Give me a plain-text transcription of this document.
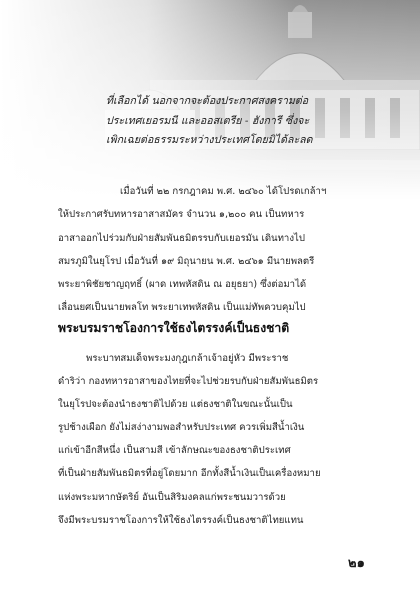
ที่เลือกได้ นอกจากจะต้องประกาศสงครามต่อ
ประเทศเยอรมนี และออสเตรีย - ฮังการี ซึ่งจะ
เพิกเฉยต่อธรรมระหว่างประเทศโดยมิได้ละลด
เมื่อวันที่ ๒๒ กรกฎาคม พ.ศ. ๒๔๖๐ ได้โปรดเกล้าฯ
ให้ประกาศรับทหารอาสาสมัคร จำนวน ๑,๒๐๐ คน เป็นทหาร
อาสาออกไปร่วมกับฝ่ายสัมพันธมิตรรบกับเยอรมัน เดินทางไป
สมรภูมิในยุโรป เมื่อวันที่ ๑๙ มิถุนายน พ.ศ. ๒๔๖๑ มีนายพลตรี
พระยาพิชัยชาญฤทธิ์ (ผาด เทพหัสดิน ณ อยุธยา) ซึ่งต่อมาได้
เลื่อนยศเป็นนายพลโท พระยาเทพหัสดิน เป็นแม่ทัพควบคุมไป
พระบรมราชโองการใช้ธงไตรรงค์เป็นธงชาติ
พระบาทสมเด็จพระมงกุฎเกล้าเจ้าอยู่หัว มีพระราช
ดำริว่า กองทหารอาสาของไทยที่จะไปช่วยรบกับฝ่ายสัมพันธมิตร
ในยุโรปจะต้องนำธงชาติไปด้วย แต่ธงชาติในขณะนั้นเป็น
รูปช้างเผือก ยังไม่สง่างามพอสำหรับประเทศ ควรเพิ่มสีน้ำเงิน
แก่เข้าอีกสีหนึ่ง เป็นสามสี เข้าลักษณะของธงชาติประเทศ
ที่เป็นฝ่ายสัมพันธมิตรที่อยู่โดยมาก อีกทั้งสีน้ำเงินเป็นเครื่องหมาย
แห่งพระมหากษัตริย์ อันเป็นสิริมงคลแก่พระชนมวารด้วย
จึงมีพระบรมราชโองการให้ใช้ธงไตรรงค์เป็นธงชาติไทยแทน
๒๑
